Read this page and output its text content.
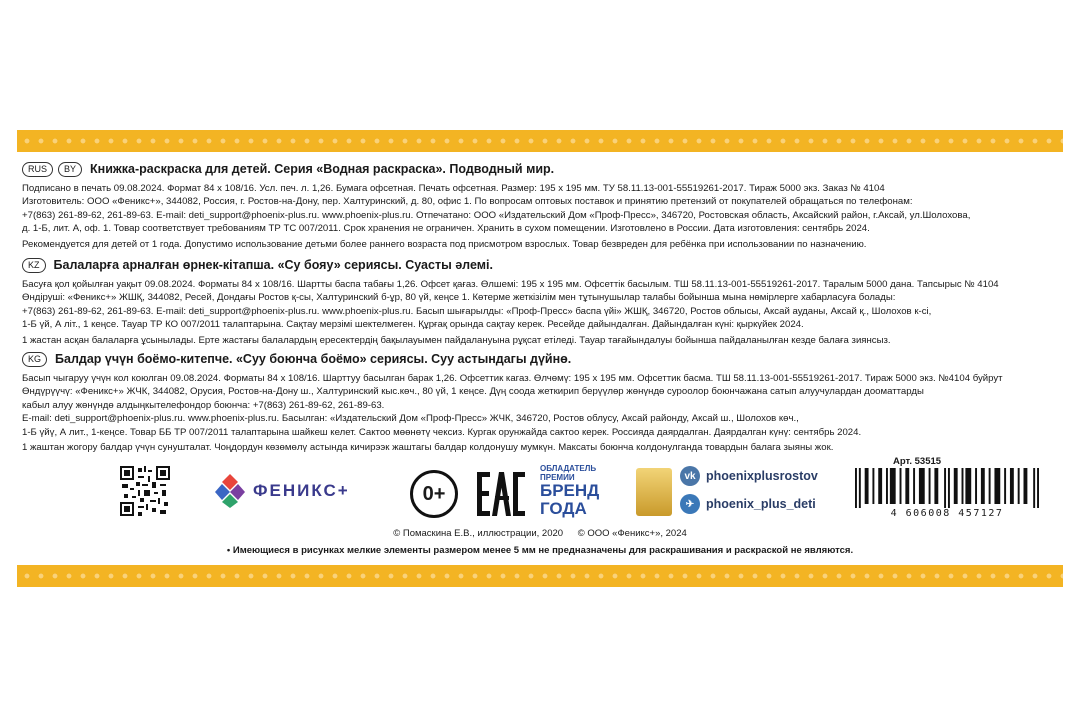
RUS	BY	Книжка-раскраска для детей. Серия «Водная раскраска». Подводный мир.
Подписано в печать 09.08.2024. Формат 84 x 108/16. Усл. печ. л. 1,26. Бумага офсетная. Печать офсетная. Размер: 195 x 195 мм. ТУ 58.11.13-001-55519261-2017. Тираж 5000 экз. Заказ № 4104
Изготовитель: ООО «Феникс+», 344082, Россия, г. Ростов-на-Дону, пер. Халтуринский, д. 80, офис 1. По вопросам оптовых поставок и принятию претензий от покупателей обращаться по телефонам:
+7(863) 261-89-62, 261-89-63. E-mail: deti_support@phoenix-plus.ru. www.phoenix-plus.ru. Отпечатано: ООО «Издательский Дом «Проф-Пресс», 346720, Ростовская область, Аксайский район, г.Аксай, ул.Шолохова,
д. 1-Б, лит. А, оф. 1. Товар соответствует требованиям ТР ТС 007/2011. Срок хранения не ограничен. Хранить в сухом помещении. Изготовлено в России. Дата изготовления: сентябрь 2024.
Рекомендуется для детей от 1 года. Допустимо использование детьми более раннего возраста под присмотром взрослых. Товар безвреден для ребёнка при использовании по назначению.
KZ	Балаларға арналған өрнек-кітапша. «Су бояу» сериясы. Суасты әлемі.
Басуға қол қойылған уақыт 09.08.2024. Форматы 84 x 108/16. Шартты баспа табағы 1,26. Офсет қағаз. Өлшемі: 195 x 195 мм. Офсеттік басылым. ТШ 58.11.13-001-55519261-2017. Таралым 5000 дана. Тапсырыс № 4104
Өндіруші: «Феникс+» ЖШҚ, 344082, Ресей, Дондағы Ростов қ-сы, Халтуринский б-ұр, 80 үй, кеңсе 1. Көтерме жеткізілім мен тұтынушылар талабы бойынша мына нөмірлерге хабарласуға болады:
+7(863) 261-89-62, 261-89-63. E-mail: deti_support@phoenix-plus.ru. www.phoenix-plus.ru. Басып шығарылды: «Проф-Пресс» баспа үйі» ЖШҚ, 346720, Ростов облысы, Аксай ауданы, Аксай қ., Шолохов к-сі,
1-Б үй, А літ., 1 кеңсе. Тауар ТР КО 007/2011 талаптарына. Сақтау мерзімі шектелмеген. Құрғақ орында сақтау керек. Ресейде дайындалған. Дайындалған күні: қыркүйек 2024.
1 жастан асқан балаларға ұсынылады. Ерте жастағы балалардың ересектердің бақылауымен пайдалануына рұқсат етіледі. Тауар тағайындалуы бойынша пайдаланылған кезде балаға зиянсыз.
KG	Балдар үчүн боёмо-китепче. «Суу боюнча боёмо» сериясы. Суу астындагы дүйнө.
Басып чыгаруу үчүн кол коюлган 09.08.2024. Форматы 84 x 108/16. Шарттуу басылган барак 1,26. Офсеттик кагаз. Өлчөмү: 195 x 195 мм. Офсеттик басма. ТШ 58.11.13-001-55519261-2017. Тираж 5000 экз. №4104 буйрут
Өндүрүүчү: «Феникс+» ЖЧК, 344082, Орусия, Ростов-на-Дону ш., Халтуринский кыс.көч., 80 үй, 1 кеңсе. Дүң соода жеткирип берүүлөр жөнүндө суроолор боюнчажана сатып алуучулардан дооматтарды
кабыл алуу жөнүндө алдыңкытелефондор боюнча: +7(863) 261-89-62, 261-89-63.
E-mail: deti_support@phoenix-plus.ru. www.phoenix-plus.ru. Басылган: «Издательский Дом «Проф-Пресс» ЖЧК, 346720, Ростов облусу, Аксай районду, Аксай ш., Шолохов көч.,
1-Б үйү, А лит., 1-кеңсе. Товар ББ ТР 007/2011 талаптарына шайкеш келет. Сактоо мөөнөтү чексиз. Кургак орунжайда сактоо керек. Россияда даярдалган. Даярдалган күнү: сентябрь 2024.
1 жаштан жогору балдар үчүн сунушталат. Чоңдордун көзөмөлү астында кичирээк жаштагы балдар колдонушу мумкүн. Максаты боюнча колдонулганда товардын балага зыяны жок.
ФЕНИКС+	0+
ОБЛАДАТЕЛЬ ПРЕМИИ
БРЕНД
ГОДА
vk phoenixplusrostov
✈ phoenix_plus_deti
Арт. 53515
4 606008 457127
© Помаскина Е.В., иллюстрации, 2020 © ООО «Феникс+», 2024
• Имеющиеся в рисунках мелкие элементы размером менее 5 мм не предназначены для раскрашивания и раскраской не являются.
